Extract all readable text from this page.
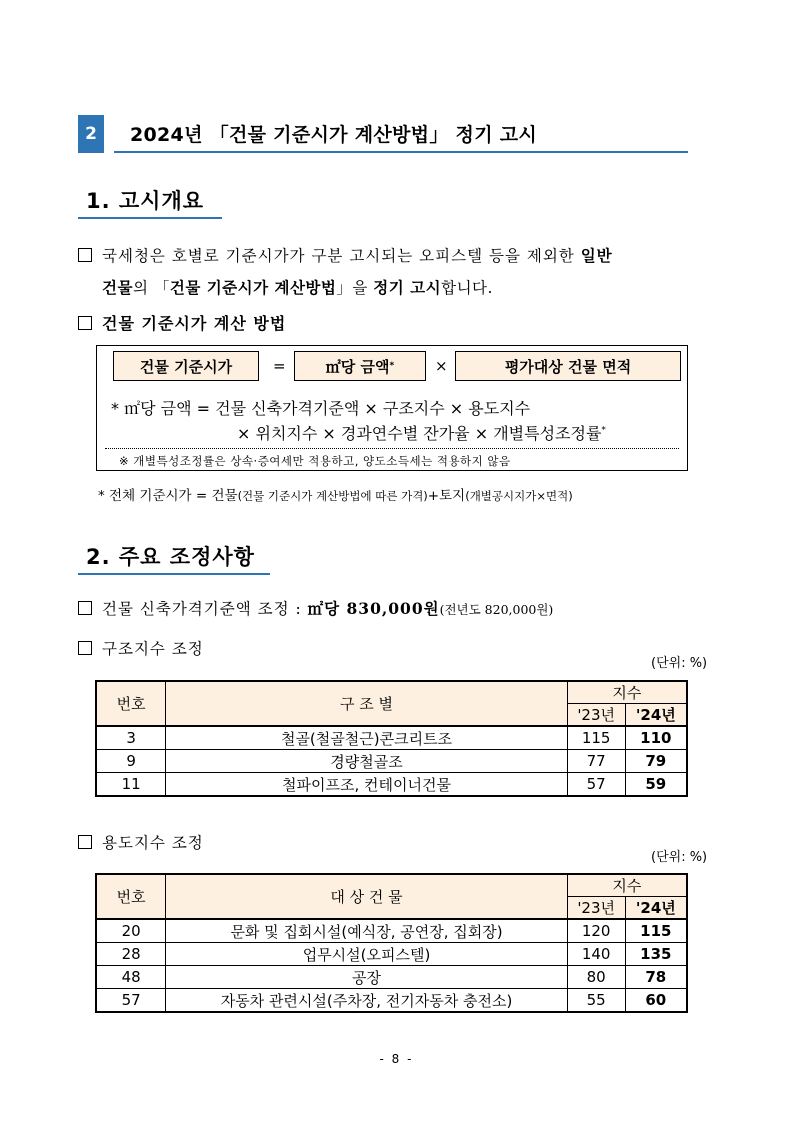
2	2024년 「건물 기준시가 계산방법」 정기 고시
1. 고시개요
국세청은 호별로 기준시가가 구분 고시되는 오피스텔 등을 제외한 일반
건물의 「건물 기준시가 계산방법」을 정기 고시합니다.
건물 기준시가 계산 방법
건물 기준시가	=	㎡당 금액 *	×	평가대상 건물 면적
* ㎡당 금액 = 건물 신축가격기준액 × 구조지수 × 용도지수
× 위치지수 × 경과연수별 잔가율 × 개별특성조정률*
※ 개별특성조정률은 상속·증여세만 적용하고, 양도소득세는 적용하지 않음
* 전체 기준시가 = 건물(건물 기준시가 계산방법에 따른 가격)+토지(개별공시지가×면적)
2. 주요 조정사항
건물 신축가격기준액 조정 : ㎡당 830,000원(전년도 820,000원)
구조지수 조정
(단위: %)
번호	구 조 별	지수	
		'23년	'24년
3	철골(철골철근)콘크리트조	115	110
9	경량철골조	77	79
11	철파이프조, 컨테이너건물	57	59
용도지수 조정
(단위: %)
번호	대 상 건 물	지수	
		'23년	'24년
20	문화 및 집회시설(예식장, 공연장, 집회장)	120	115
28	업무시설(오피스텔)	140	135
48	공장	80	78
57	자동차 관련시설(주차장, 전기자동차 충전소)	55	60
- 8 -
